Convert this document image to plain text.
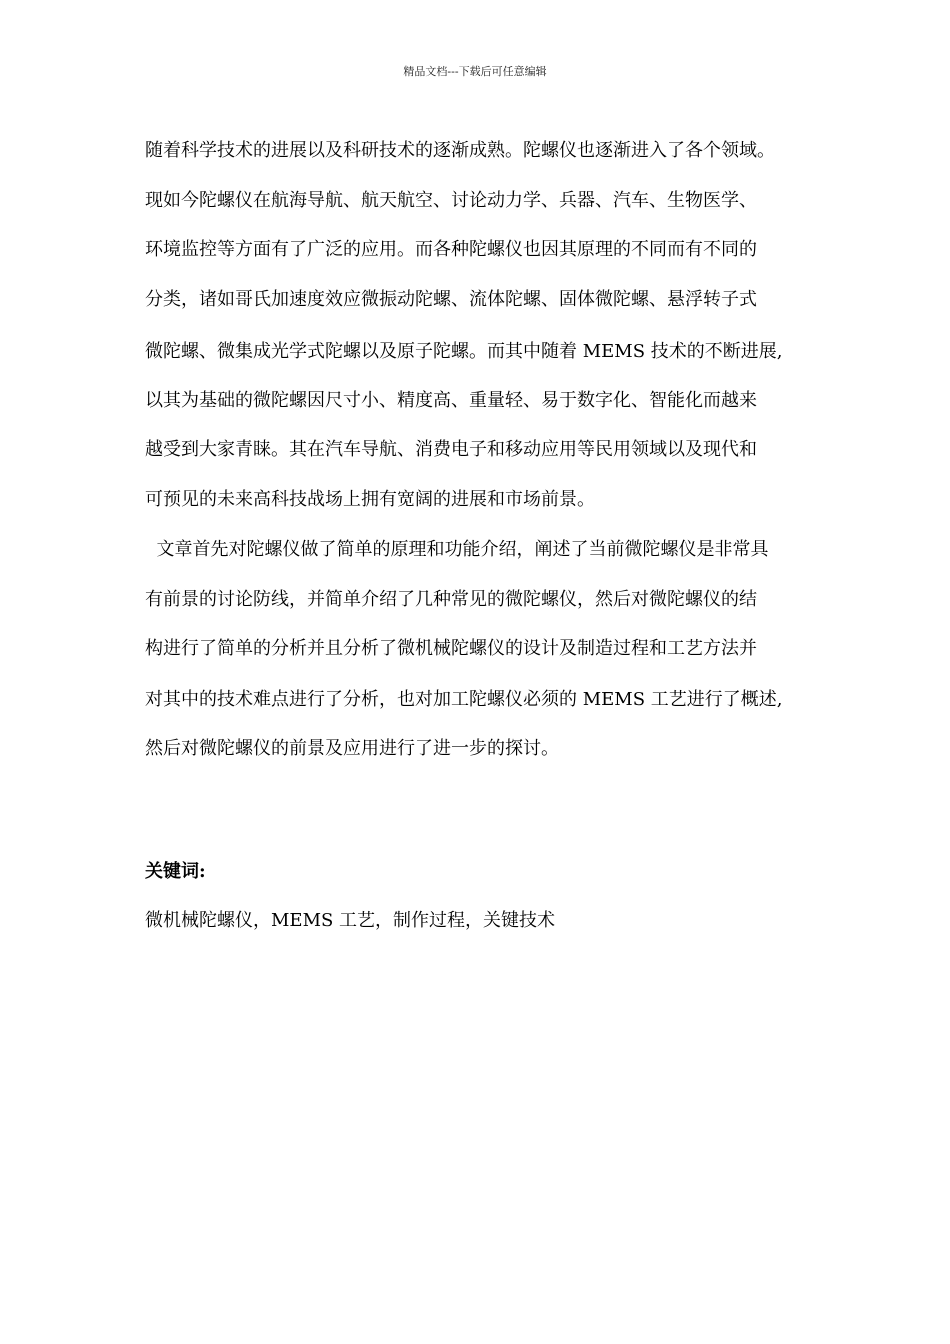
精品文档---下载后可任意编辑
随着科学技术的进展以及科研技术的逐渐成熟。陀螺仪也逐渐进入了各个领域。
现如今陀螺仪在航海导航、航天航空、讨论动力学、兵器、汽车、生物医学、
环境监控等方面有了广泛的应用。而各种陀螺仪也因其原理的不同而有不同的
分类，诸如哥氏加速度效应微振动陀螺、流体陀螺、固体微陀螺、悬浮转子式
微陀螺、微集成光学式陀螺以及原子陀螺。而其中随着 MEMS 技术的不断进展,
以其为基础的微陀螺因尺寸小、精度高、重量轻、易于数字化、智能化而越来
越受到大家青睐。其在汽车导航、消费电子和移动应用等民用领域以及现代和
可预见的未来高科技战场上拥有宽阔的进展和市场前景。
文章首先对陀螺仪做了简单的原理和功能介绍，阐述了当前微陀螺仪是非常具
有前景的讨论防线，并简单介绍了几种常见的微陀螺仪，然后对微陀螺仪的结
构进行了简单的分析并且分析了微机械陀螺仪的设计及制造过程和工艺方法并
对其中的技术难点进行了分析，也对加工陀螺仪必须的 MEMS 工艺进行了概述,
然后对微陀螺仪的前景及应用进行了进一步的探讨。
关键词:
微机械陀螺仪，MEMS 工艺，制作过程，关键技术
